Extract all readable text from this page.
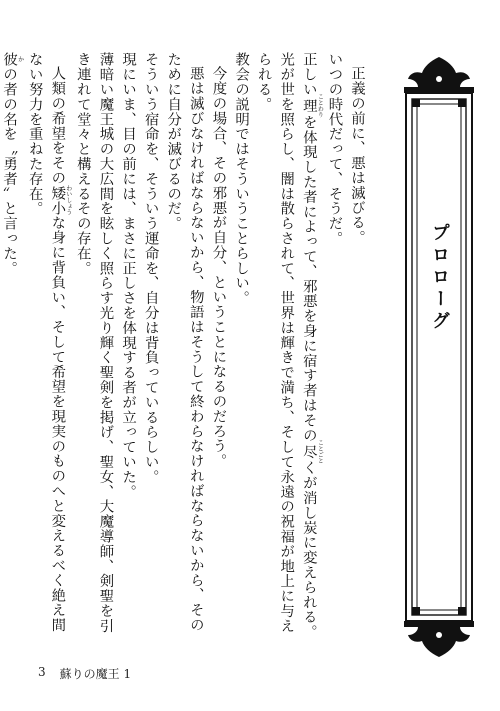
正義の前に、悪は滅びる。

いつの時代だって、そうだ。

正しい理 ことわりを体現した者によって、邪悪を身に宿す者はその尽 ことごとくが消し炭に変えられる。

光が世を照らし、闇は散らされて、世界は輝きで満ち、そして永遠の祝福が地上に与えられる。

教会の説明ではそういうことらしい。

今度の場合、その邪悪が自分、ということになるのだろう。

悪は滅びなければならないから、物語はそうして終わらなければならないから、そのために自分が滅びるのだ。

そういう宿命を、そういう運命を、自分は背負っているらしい。

現にいま、目の前には、まさに正しさを体現する者が立っていた。

薄暗い魔王城の大広間を眩しく照らす光り輝く聖剣を掲げ、聖女、大魔導師、剣聖を引き連れて堂々と構えるその存在。

人類の希望をその矮小 わいしょうな身に背負い、そして希望を現実のものへと変えるべく絶え間ない努力を重ねた存在。

彼 かの者の名を〝勇者〟と言った。

プロローグ
3 蘇りの魔王 1
